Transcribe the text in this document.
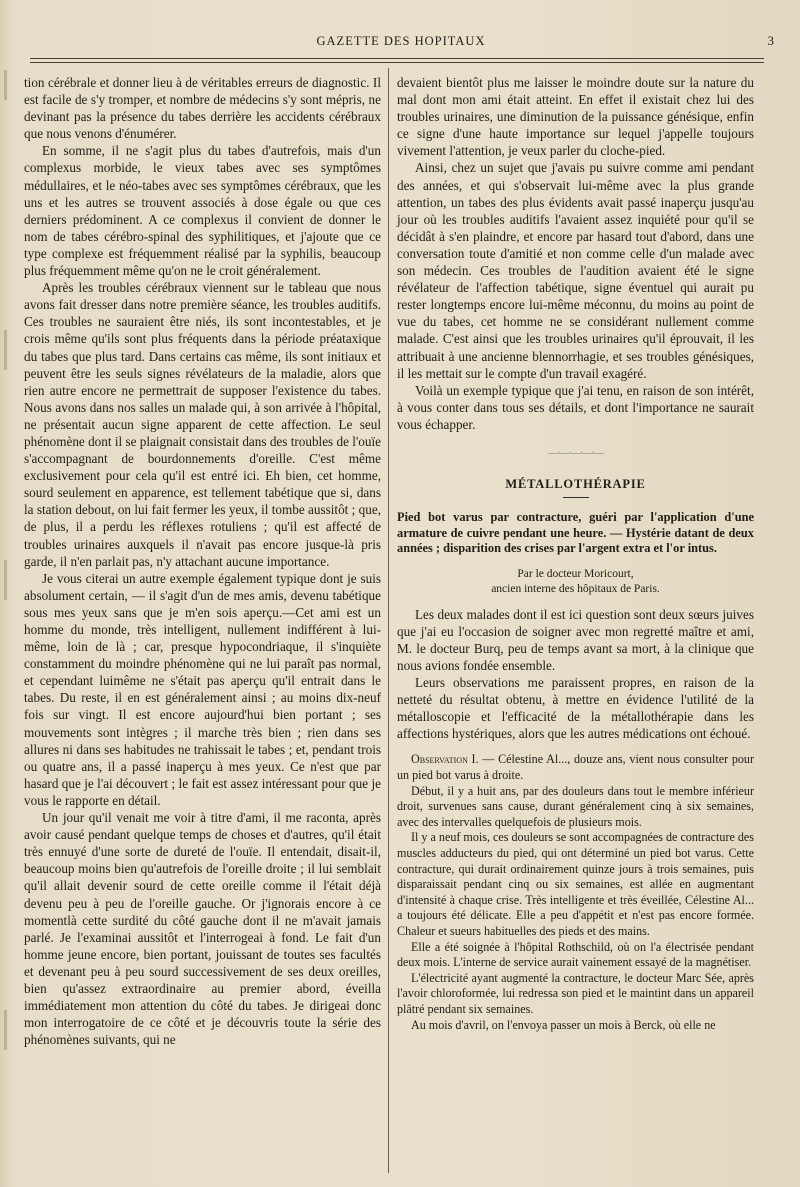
GAZETTE DES HOPITAUX	3

tion cérébrale et donner lieu à de véritables erreurs de diagnostic. Il est facile de s'y tromper, et nombre de médecins s'y sont mépris, ne devinant pas la présence du tabes derrière les accidents cérébraux que nous venons d'énumérer.

En somme, il ne s'agit plus du tabes d'autrefois, mais d'un complexus morbide, le vieux tabes avec ses symptômes médullaires, et le néo-tabes avec ses symptômes cérébraux, que les uns et les autres se trouvent associés à dose égale ou que ces derniers prédominent. A ce complexus il convient de donner le nom de tabes cérébro-spinal des syphilitiques, et j'ajoute que ce type complexe est fréquemment réalisé par la syphilis, beaucoup plus fréquemment même qu'on ne le croit généralement.

Après les troubles cérébraux viennent sur le tableau que nous avons fait dresser dans notre première séance, les troubles auditifs. Ces troubles ne sauraient être niés, ils sont incontestables, et je crois même qu'ils sont plus fréquents dans la période préataxique du tabes que plus tard. Dans certains cas même, ils sont initiaux et peuvent être les seuls signes révélateurs de la maladie, alors que rien autre encore ne permettrait de supposer l'existence du tabes. Nous avons dans nos salles un malade qui, à son arrivée à l'hôpital, ne présentait aucun signe apparent de cette affection. Le seul phénomène dont il se plaignait consistait dans des troubles de l'ouïe s'accompagnant de bourdonnements d'oreille. C'est même exclusivement pour cela qu'il est entré ici. Eh bien, cet homme, sourd seulement en apparence, est tellement tabétique que si, dans la station debout, on lui fait fermer les yeux, il tombe aussitôt ; que, de plus, il a perdu les réflexes rotuliens ; qu'il est affecté de troubles urinaires auxquels il n'avait pas encore jusque-là pris garde, il n'en parlait pas, n'y attachant aucune importance.

Je vous citerai un autre exemple également typique dont je suis absolument certain, — il s'agit d'un de mes amis, devenu tabétique sous mes yeux sans que je m'en sois aperçu.—Cet ami est un homme du monde, très intelligent, nullement indifférent à lui-même, loin de là ; car, presque hypocondriaque, il s'inquiète constamment du moindre phénomène qui ne lui paraît pas normal, et cependant luimême ne s'était pas aperçu qu'il entrait dans le tabes. Du reste, il en est généralement ainsi ; au moins dix-neuf fois sur vingt. Il est encore aujourd'hui bien portant ; ses mouvements sont intègres ; il marche très bien ; rien dans ses allures ni dans ses habitudes ne trahissait le tabes ; et, pendant trois ou quatre ans, il a passé inaperçu à mes yeux. Ce n'est que par hasard que je l'ai découvert ; le fait est assez intéressant pour que je vous le rapporte en détail.

Un jour qu'il venait me voir à titre d'ami, il me raconta, après avoir causé pendant quelque temps de choses et d'autres, qu'il était très ennuyé d'une sorte de dureté de l'ouïe. Il entendait, disait-il, beaucoup moins bien qu'autrefois de l'oreille droite ; il lui semblait qu'il allait devenir sourd de cette oreille comme il l'était déjà devenu peu à peu de l'oreille gauche. Or j'ignorais encore à ce momentlà cette surdité du côté gauche dont il ne m'avait jamais parlé. Je l'examinai aussitôt et l'interrogeai à fond. Le fait d'un homme jeune encore, bien portant, jouissant de toutes ses facultés et devenant peu à peu sourd successivement de ses deux oreilles, bien qu'assez extraordinaire au premier abord, éveilla immédiatement mon attention du côté du tabes. Je dirigeai donc mon interrogatoire de ce côté et je découvris toute la série des phénomènes suivants, qui ne

devaient bientôt plus me laisser le moindre doute sur la nature du mal dont mon ami était atteint. En effet il existait chez lui des troubles urinaires, une diminution de la puissance génésique, enfin ce signe d'une haute importance sur lequel j'appelle toujours vivement l'attention, je veux parler du cloche-pied.

Ainsi, chez un sujet que j'avais pu suivre comme ami pendant des années, et qui s'observait lui-même avec la plus grande attention, un tabes des plus évidents avait passé inaperçu jusqu'au jour où les troubles auditifs l'avaient assez inquiété pour qu'il se décidât à s'en plaindre, et encore par hasard tout d'abord, dans une conversation toute d'amitié et non comme celle d'un malade avec son médecin. Ces troubles de l'audition avaient été le signe révélateur de l'affection tabétique, signe éventuel qui aurait pu rester longtemps encore lui-même méconnu, du moins au point de vue du tabes, cet homme ne se considérant nullement comme malade. C'est ainsi que les troubles urinaires qu'il éprouvait, il les attribuait à une ancienne blennorrhagie, et ses troubles génésiques, il les mettait sur le compte d'un travail exagéré.

Voilà un exemple typique que j'ai tenu, en raison de son intérêt, à vous conter dans tous ses détails, et dont l'importance ne saurait vous échapper.

—·—·—·—·—
MÉTALLOTHÉRAPIE
Pied bot varus par contracture, guéri par l'application d'une armature de cuivre pendant une heure. — Hystérie datant de deux années ; disparition des crises par l'argent extra et l'or intus.
Par le docteur Moricourt,
ancien interne des hôpitaux de Paris.

Les deux malades dont il est ici question sont deux sœurs juives que j'ai eu l'occasion de soigner avec mon regretté maître et ami, M. le docteur Burq, peu de temps avant sa mort, à la clinique que nous avions fondée ensemble.

Leurs observations me paraissent propres, en raison de la netteté du résultat obtenu, à mettre en évidence l'utilité de la métalloscopie et l'efficacité de la métallothérapie dans les affections hystériques, alors que les autres médications ont échoué.

Observation I. — Célestine Al..., douze ans, vient nous consulter pour un pied bot varus à droite.

Début, il y a huit ans, par des douleurs dans tout le membre inférieur droit, survenues sans cause, durant généralement cinq à six semaines, avec des intervalles quelquefois de plusieurs mois.

Il y a neuf mois, ces douleurs se sont accompagnées de contracture des muscles adducteurs du pied, qui ont déterminé un pied bot varus. Cette contracture, qui durait ordinairement quinze jours à trois semaines, puis disparaissait pendant cinq ou six semaines, est allée en augmentant d'intensité à chaque crise. Très intelligente et très éveillée, Célestine Al... a toujours été délicate. Elle a peu d'appétit et n'est pas encore formée. Chaleur et sueurs habituelles des pieds et des mains.

Elle a été soignée à l'hôpital Rothschild, où on l'a électrisée pendant deux mois. L'interne de service aurait vainement essayé de la magnétiser.

L'électricité ayant augmenté la contracture, le docteur Marc Sée, après l'avoir chloroformée, lui redressa son pied et le maintint dans un appareil plâtré pendant six semaines.

Au mois d'avril, on l'envoya passer un mois à Berck, où elle ne
